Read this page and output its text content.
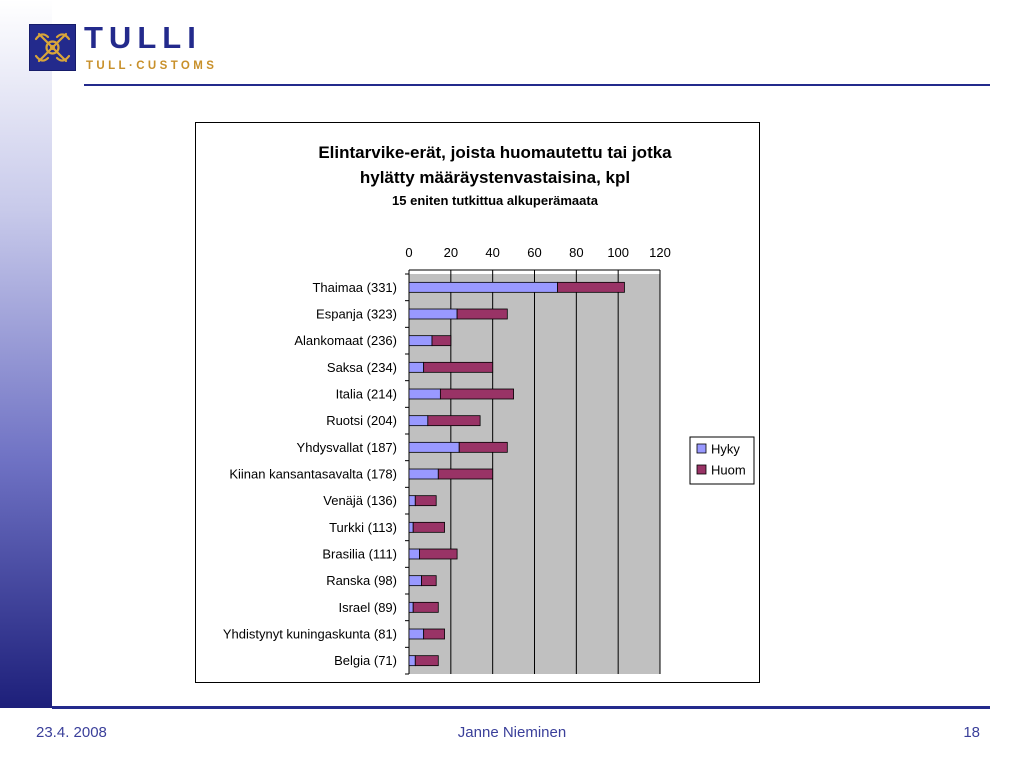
TULLI
TULL·CUSTOMS
Elintarvike-erät, joista huomautettu tai jotka
hylätty määräystenvastaisina, kpl
15 eniten tutkittua alkuperämaata
0 20 40 60 80 100 120
Thaimaa (331)
Espanja (323)
Alankomaat (236)
Saksa (234)
Italia (214)
Ruotsi (204)
Yhdysvallat (187)
Kiinan kansantasavalta (178)
Venäjä (136)
Turkki (113)
Brasilia (111)
Ranska (98)
Israel (89)
Yhdistynyt kuningaskunta (81)
Belgia (71)
Hyky
Huom
23.4. 2008	Janne Nieminen	18
